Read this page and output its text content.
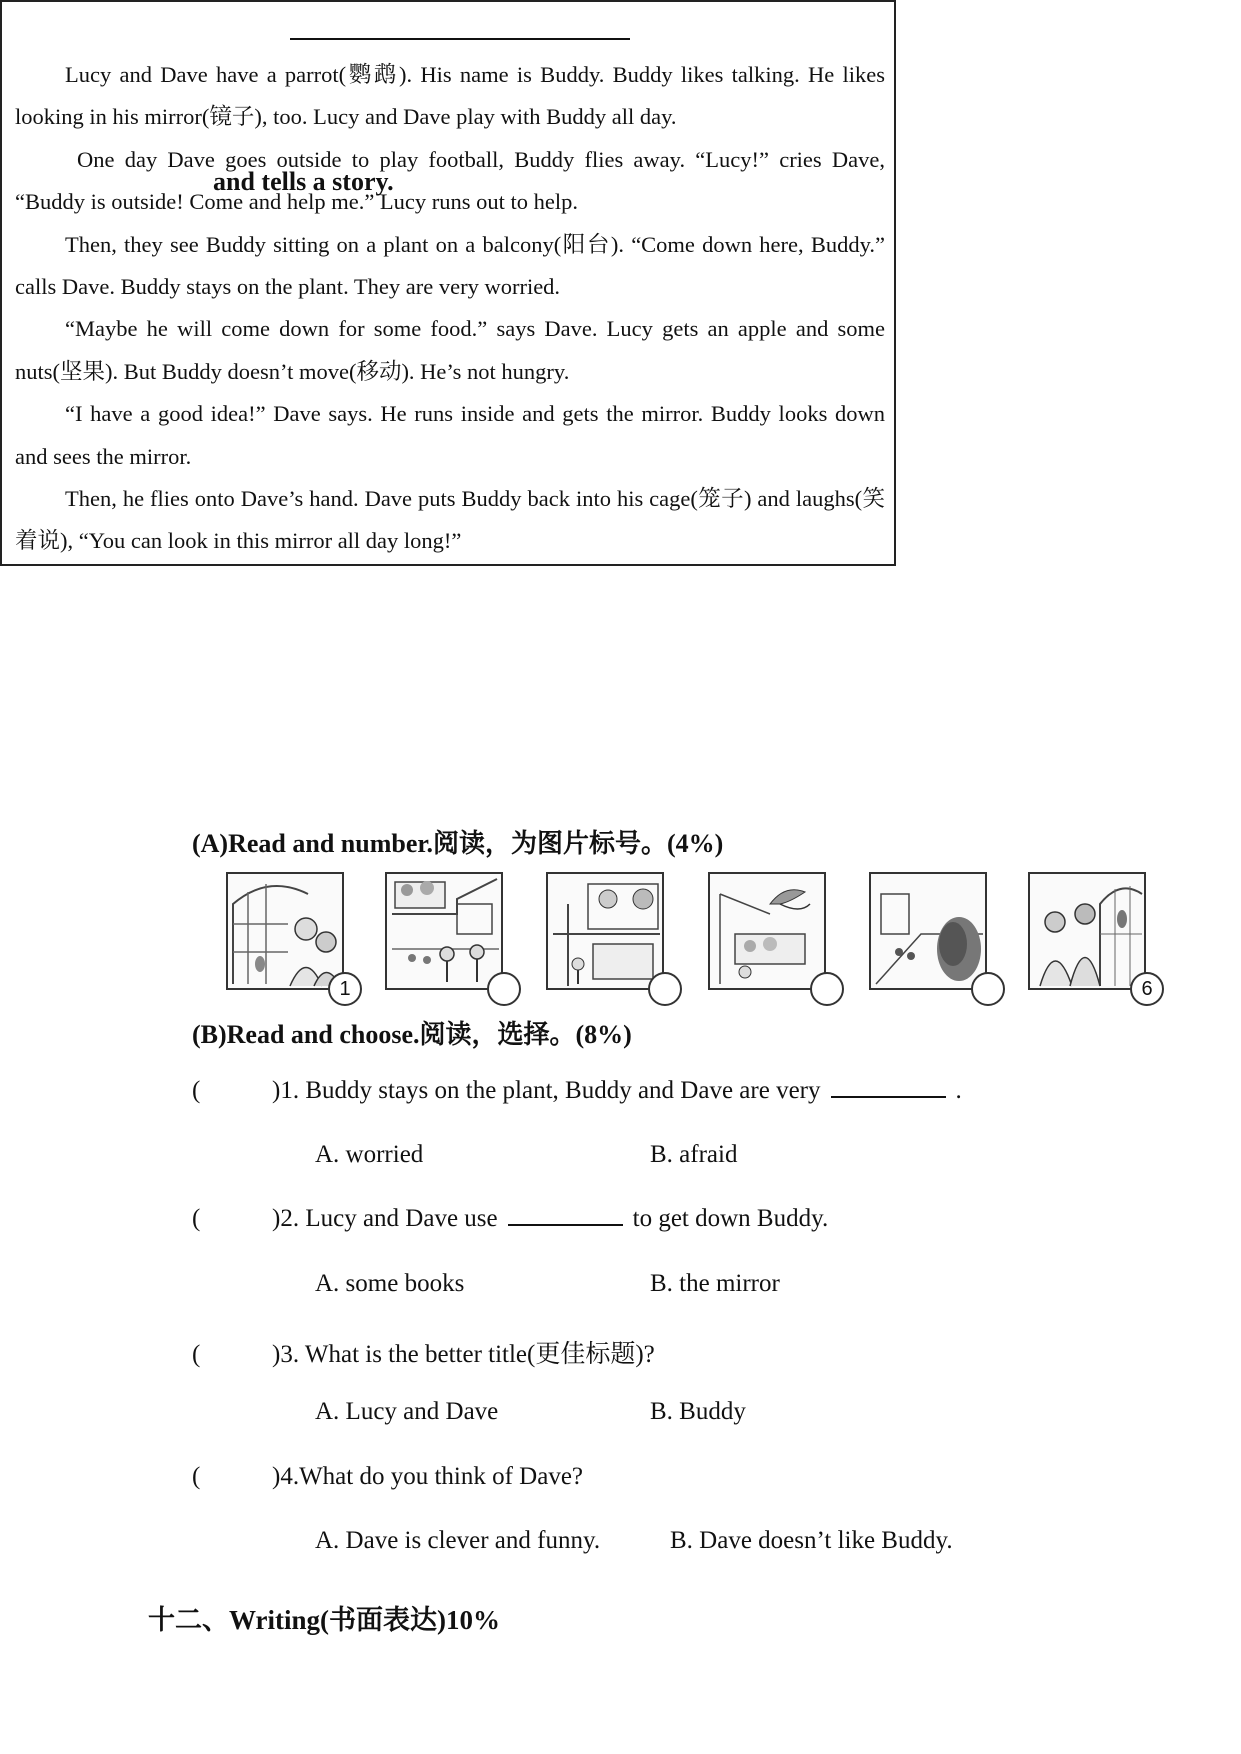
and tells a story.

Lucy and Dave have a parrot(鹦鹉). His name is Buddy. Buddy likes talking. He likes looking in his mirror(镜子), too. Lucy and Dave play with Buddy all day.

One day Dave goes outside to play football, Buddy flies away. “Lucy!” cries Dave, “Buddy is outside! Come and help me.” Lucy runs out to help.

Then, they see Buddy sitting on a plant on a balcony(阳台). “Come down here, Buddy.” calls Dave. Buddy stays on the plant. They are very worried.

“Maybe he will come down for some food.” says Dave. Lucy gets an apple and some nuts(坚果). But Buddy doesn’t move(移动). He’s not hungry.

“I have a good idea!” Dave says. He runs inside and gets the mirror. Buddy looks down and sees the mirror.

Then, he flies onto Dave’s hand. Dave puts Buddy back into his cage(笼子) and laughs(笑着说), “You can look in this mirror all day long!”

(A)Read and number.阅读，为图片标号。(4%)
1	6
(B)Read and choose.阅读，选择。(8%)
(	)1. Buddy stays on the plant, Buddy and Dave are very	.
A. worried	B. afraid
(	)2. Lucy and Dave use	to get down Buddy.
A. some books	B. the mirror
(	)3. What is the better title(更佳标题)?
A. Lucy and Dave	B. Buddy
(	)4.What do you think of Dave?
A. Dave is clever and funny.	B. Dave doesn’t like Buddy.
十二、Writing(书面表达)10%
